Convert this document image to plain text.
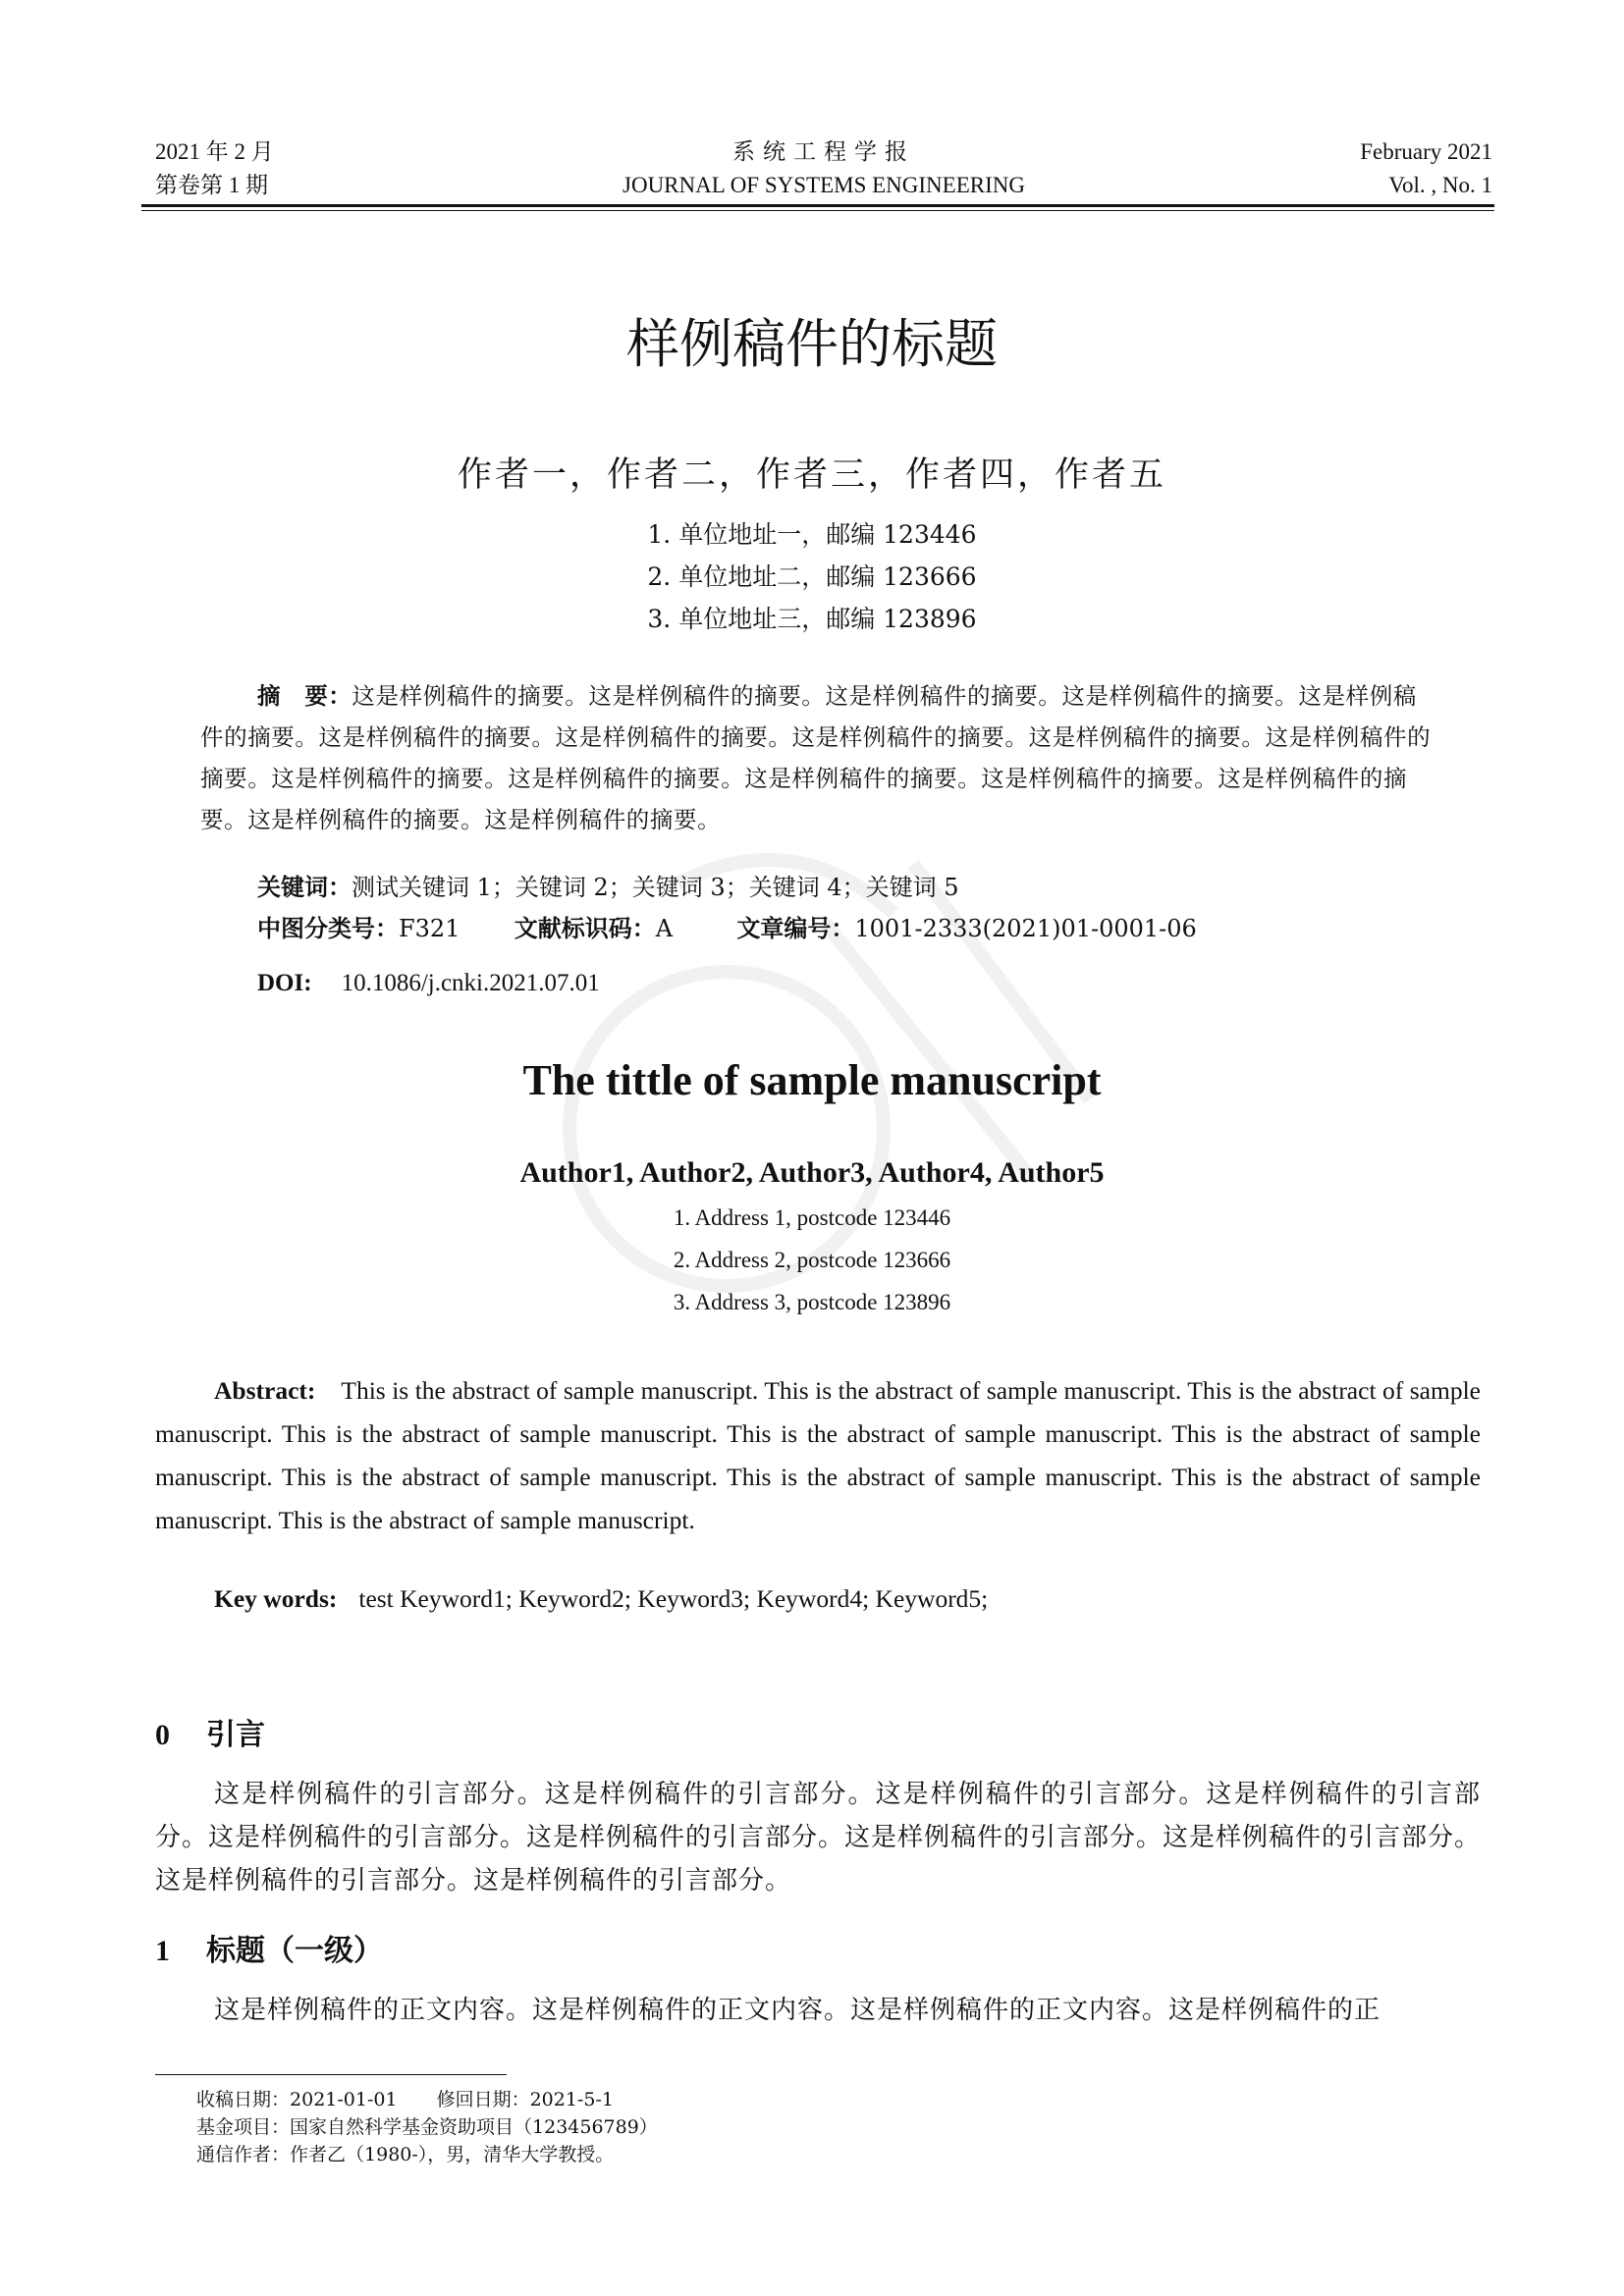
2021 年 2 月
第卷第 1 期
系统工程学报
JOURNAL OF SYSTEMS ENGINEERING
February 2021
Vol. , No. 1
样例稿件的标题
作者一，作者二，作者三，作者四，作者五
1. 单位地址一，邮编 123446
2. 单位地址二，邮编 123666
3. 单位地址三，邮编 123896
摘　要：这是样例稿件的摘要。这是样例稿件的摘要。这是样例稿件的摘要。这是样例稿件的摘要。这是样例稿件的摘要。这是样例稿件的摘要。这是样例稿件的摘要。这是样例稿件的摘要。这是样例稿件的摘要。这是样例稿件的摘要。这是样例稿件的摘要。这是样例稿件的摘要。这是样例稿件的摘要。这是样例稿件的摘要。这是样例稿件的摘要。这是样例稿件的摘要。这是样例稿件的摘要。
关键词：测试关键词 1；关键词 2；关键词 3；关键词 4；关键词 5
中图分类号：F321 文献标识码：A	文章编号：1001-2333(2021)01-0001-06
DOI: 10.1086/j.cnki.2021.07.01
The tittle of sample manuscript
Author1, Author2, Author3, Author4, Author5
1. Address 1, postcode 123446
2. Address 2, postcode 123666
3. Address 3, postcode 123896
Abstract: This is the abstract of sample manuscript. This is the abstract of sample manuscript. This is the abstract of sample manuscript. This is the abstract of sample manuscript. This is the abstract of sample manuscript. This is the abstract of sample manuscript. This is the abstract of sample manuscript. This is the abstract of sample manuscript. This is the abstract of sample manuscript. This is the abstract of sample manuscript.
Key words: test Keyword1; Keyword2; Keyword3; Keyword4; Keyword5;
0 引言
这是样例稿件的引言部分。这是样例稿件的引言部分。这是样例稿件的引言部分。这是样例稿件的引言部分。这是样例稿件的引言部分。这是样例稿件的引言部分。这是样例稿件的引言部分。这是样例稿件的引言部分。这是样例稿件的引言部分。这是样例稿件的引言部分。
1 标题（一级）
这是样例稿件的正文内容。这是样例稿件的正文内容。这是样例稿件的正文内容。这是样例稿件的正
收稿日期：2021-01-01 修回日期：2021-5-1
基金项目：国家自然科学基金资助项目（123456789）
通信作者：作者乙（1980-），男，清华大学教授。
